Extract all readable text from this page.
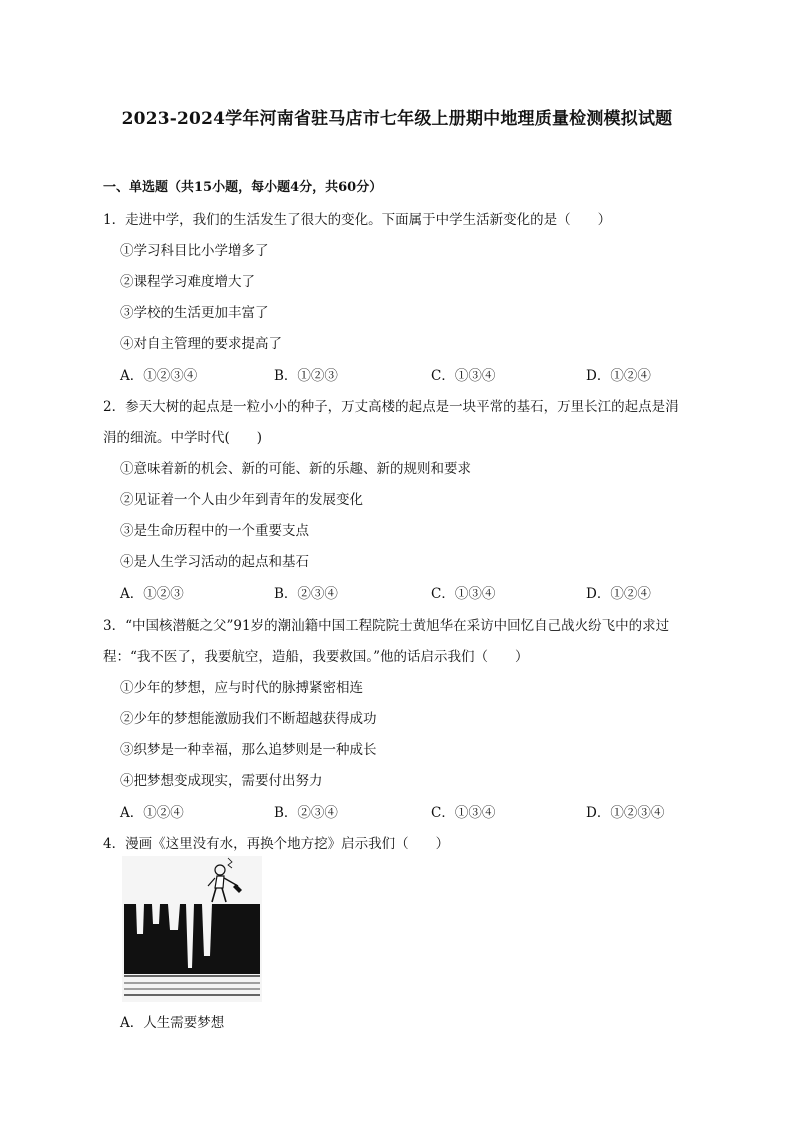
2023-2024学年河南省驻马店市七年级上册期中地理质量检测模拟试题
一、单选题（共15小题，每小题4分，共60分）
1．走进中学，我们的生活发生了很大的变化。下面属于中学生活新变化的是（　　）
①学习科目比小学增多了
②课程学习难度增大了
③学校的生活更加丰富了
④对自主管理的要求提高了
A．①②③④	B．①②③	C．①③④	D．①②④
2．参天大树的起点是一粒小小的种子，万丈高楼的起点是一块平常的基石，万里长江的起点是涓
涓的细流。中学时代(　　)
①意味着新的机会、新的可能、新的乐趣、新的规则和要求
②见证着一个人由少年到青年的发展变化
③是生命历程中的一个重要支点
④是人生学习活动的起点和基石
A．①②③	B．②③④	C．①③④	D．①②④
3．“中国核潜艇之父”91岁的潮汕籍中国工程院院士黄旭华在采访中回忆自己战火纷飞中的求过
程：“我不医了，我要航空，造船，我要救国。”他的话启示我们（　　）
①少年的梦想，应与时代的脉搏紧密相连
②少年的梦想能激励我们不断超越获得成功
③织梦是一种幸福，那么追梦则是一种成长
④把梦想变成现实，需要付出努力
A．①②④	B．②③④	C．①③④	D．①②③④
4．漫画《这里没有水，再换个地方挖》启示我们（　　）
A．人生需要梦想
